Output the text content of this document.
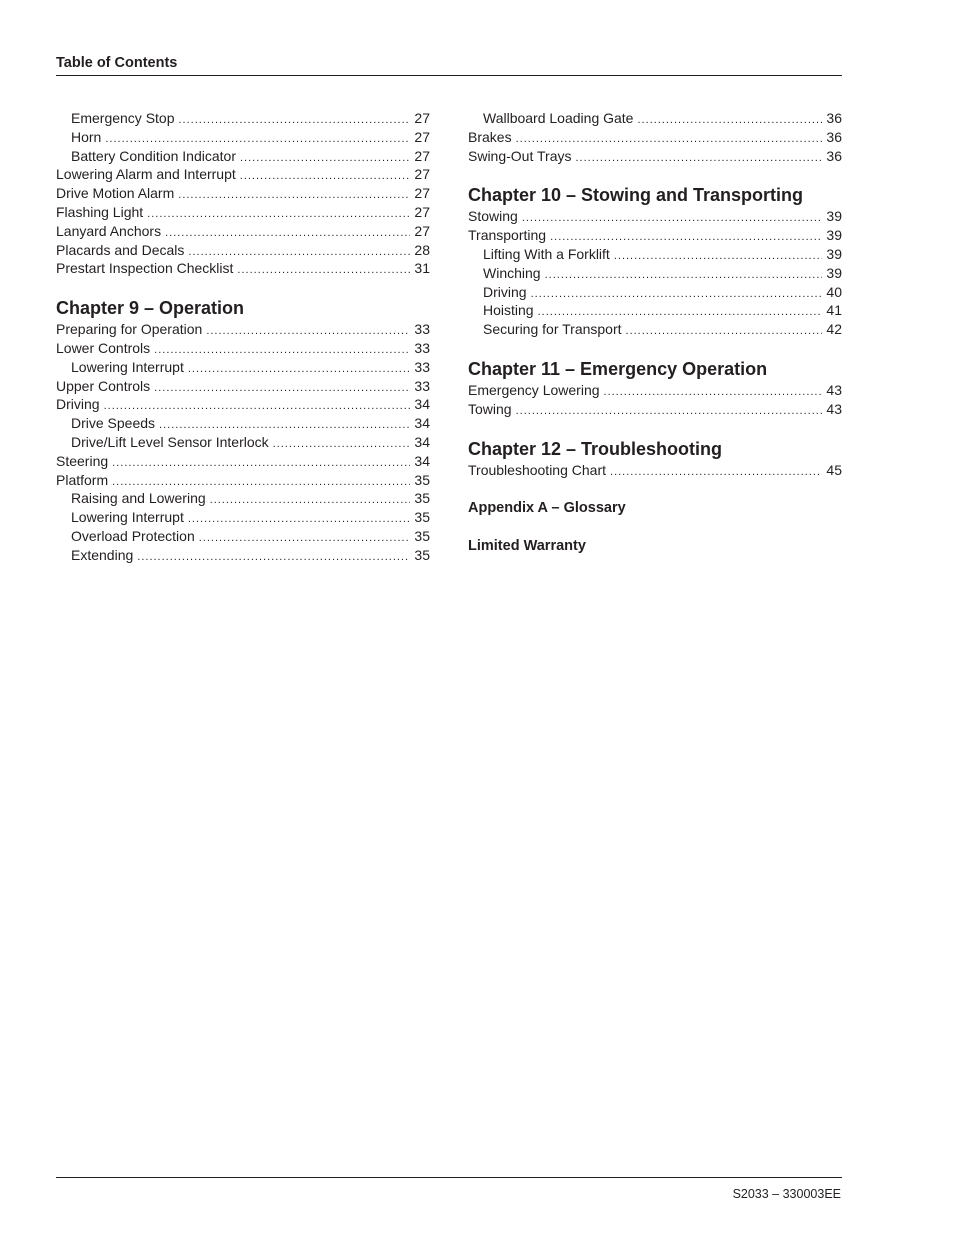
Table of Contents
Emergency Stop .....	27
Horn .....	27
Battery Condition Indicator .....	27
Lowering Alarm and Interrupt .....	27
Drive Motion Alarm .....	27
Flashing Light .....	27
Lanyard Anchors .....	27
Placards and Decals .....	28
Prestart Inspection Checklist .....	31
Chapter 9 – Operation
Preparing for Operation .....	33
Lower Controls .....	33
Lowering Interrupt .....	33
Upper Controls .....	33
Driving .....	34
Drive Speeds .....	34
Drive/Lift Level Sensor Interlock .....	34
Steering .....	34
Platform .....	35
Raising and Lowering .....	35
Lowering Interrupt .....	35
Overload Protection .....	35
Extending .....	35
Wallboard Loading Gate .....	36
Brakes .....	36
Swing-Out Trays .....	36
Chapter 10 – Stowing and Transporting
Stowing .....	39
Transporting .....	39
Lifting With a Forklift .....	39
Winching .....	39
Driving .....	40
Hoisting .....	41
Securing for Transport .....	42
Chapter 11 – Emergency Operation
Emergency Lowering .....	43
Towing .....	43
Chapter 12 – Troubleshooting
Troubleshooting Chart .....	45
Appendix A – Glossary
Limited Warranty
S2033 – 330003EE
